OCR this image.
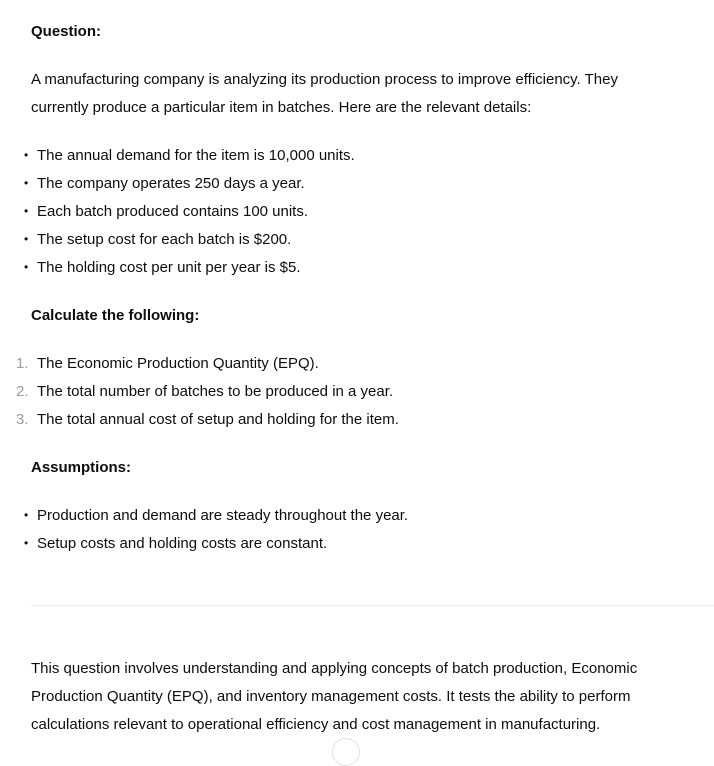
Question:
A manufacturing company is analyzing its production process to improve efficiency. They
currently produce a particular item in batches. Here are the relevant details:
• The annual demand for the item is 10,000 units.
• The company operates 250 days a year.
• Each batch produced contains 100 units.
• The setup cost for each batch is $200.
• The holding cost per unit per year is $5.
Calculate the following:
1. The Economic Production Quantity (EPQ).
2. The total number of batches to be produced in a year.
3. The total annual cost of setup and holding for the item.
Assumptions:
• Production and demand are steady throughout the year.
• Setup costs and holding costs are constant.
This question involves understanding and applying concepts of batch production, Economic
Production Quantity (EPQ), and inventory management costs. It tests the ability to perform
calculations relevant to operational efficiency and cost management in manufacturing.
